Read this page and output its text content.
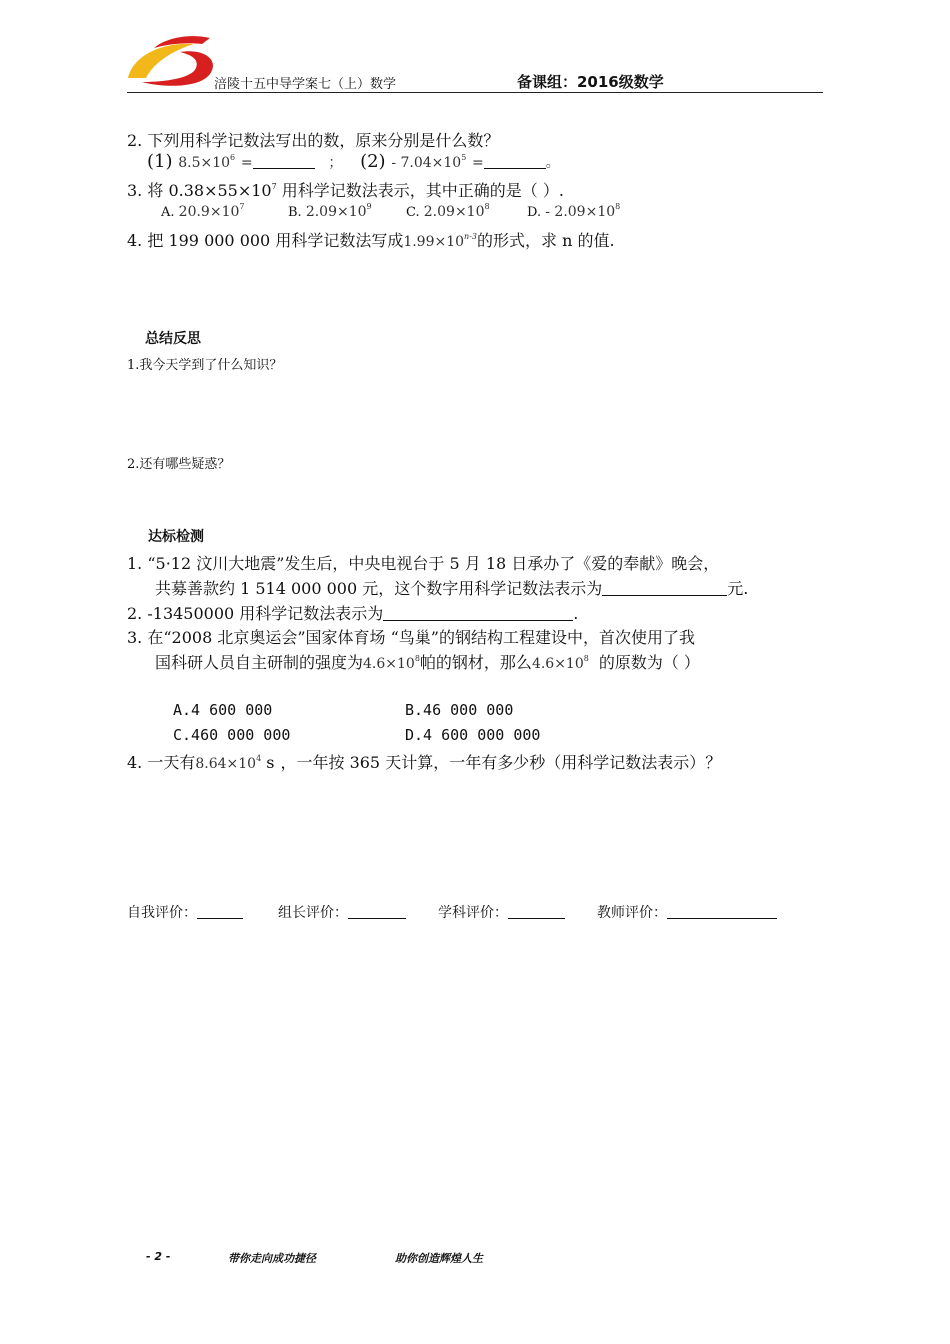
涪陵十五中导学案七（上）数学	备课组：2016级数学
2. 下列用科学记数法写出的数，原来分别是什么数？
(1) $8.5\times 10^6$ =	； $(2) - 7.04\times 10^5$ =	。
3. 将 $0.38\times 55\times 10^7$ 用科学记数法表示，其中正确的是（ ）.
A. $20.9\times 10^7$	B. $2.09\times 10^9$	C. $2.09\times 10^8$	D. - $2.09\times 10^8$
4. 把 199 000 000 用科学记数法写成$1.99\times 10^{n-3}$的形式，求 n 的值.
总结反思
1.我今天学到了什么知识？
2.还有哪些疑惑？
达标检测
1. “5·12 汶川大地震”发生后，中央电视台于 5 月 18 日承办了《爱的奉献》晚会，
共募善款约 1 514 000 000 元，这个数字用科学记数法表示为	元.
2. -13450000 用科学记数法表示为	.
3. 在“2008 北京奥运会”国家体育场 “鸟巢”的钢结构工程建设中，首次使用了我
国科研人员自主研制的强度为$4.6\times 10^8$帕的钢材，那么$4.6\times 10^8$ 的原数为（ ）
A.4 600 000	B.46 000 000
C.460 000 000	D.4 600 000 000
4. 一天有$8.64\times 10^4$ s ，一年按 365 天计算，一年有多少秒（用科学记数法表示）？
自我评价：	组长评价：	学科评价：	教师评价：
- 2 -	带你走向成功捷径	助你创造辉煌人生
